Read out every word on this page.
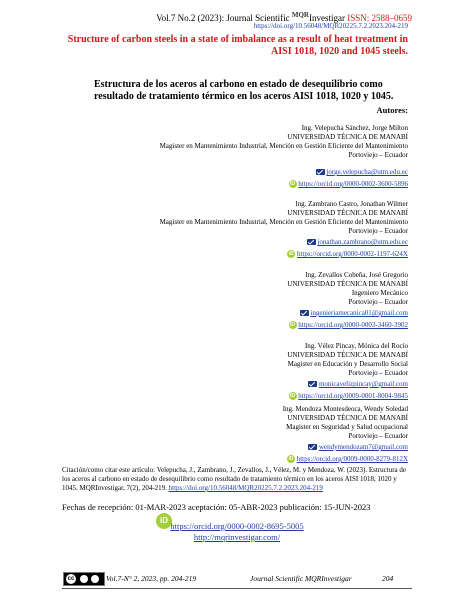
Vol.7 No.2 (2023): Journal Scientific $^{MQR}$Investigar ISSN: 2588–0659
https://doi.org/10.56048/MQR20225.7.2.2023.204-219
Structure of carbon steels in a state of imbalance as a result of heat treatment in AISI 1018, 1020 and 1045 steels.
Estructura de los aceros al carbono en estado de desequilibrio como resultado de tratamiento térmico en los aceros AISI 1018, 1020 y 1045.
Autores:
Ing. Velepucha Sánchez, Jorge Milton
UNIVERSIDAD TÉCNICA DE MANABÍ
Magister en Mantenimiento Industrial, Mención en Gestión Eficiente del Mantenimiento
Portoviejo – Ecuador
jorge.velepucha@utm.edu.ec
iD https://orcid.org/0000-0002-3600-5896
Ing. Zambrano Castro, Jonathan Wilmer
UNIVERSIDAD TÉCNICA DE MANABÍ
Magister en Mantenimiento Industrial, Mención en Gestión Eficiente del Mantenimiento
Portoviejo – Ecuador
jonathan.zambrano@utm.edu.ec
iD https://orcid.org/0000-0002-1197-624X
Ing. Zevallos Cobeña, José Gregorio
UNIVERSIDAD TÉCNICA DE MANABÍ
Ingeniero Mecánico
Portoviejo – Ecuador
ingenieriamecanica01@gmail.com
iD https://orcid.org/0000-0003-3460-3902
Ing. Vélez Pincay, Mónica del Rocío
UNIVERSIDAD TÉCNICA DE MANABÍ
Magister en Educación y Desarrollo Social
Portoviejo – Ecuador
monicavelizpincay@gmail.com
iD https://orcid.org/0009-0001-8004-9845
Ing. Mendoza Montesdeoca, Wendy Soledad
UNIVERSIDAD TÉCNICA DE MANABÍ
Magister en Seguridad y Salud ocupacional
Portoviejo – Ecuador
wendymendozam7@gmail.com
iD https://orcid.org/0009-0000-8279-812X
Citación/como citar este artículo: Velepucha, J., Zambrano, J., Zevallos, J., Vélez, M. y Mendoza, W. (2023). Estructura de los aceros al carbono en estado de desequilibrio como resultado de tratamiento térmico en los aceros AISI 1018, 1020 y 1045. MQRInvestigar, 7(2), 204-219. https://doi.org/10.56048/MQR20225.7.2.2023.204-219
Fechas de recepción: 01-MAR-2023 aceptación: 05-ABR-2023 publicación: 15-JUN-2023
iD
https://orcid.org/0000-0002-8695-5005
http://mqrinvestigar.com/
cc	Vol.7-N° 2, 2023, pp. 204-219	Journal Scientific MQRInvestigar	204
